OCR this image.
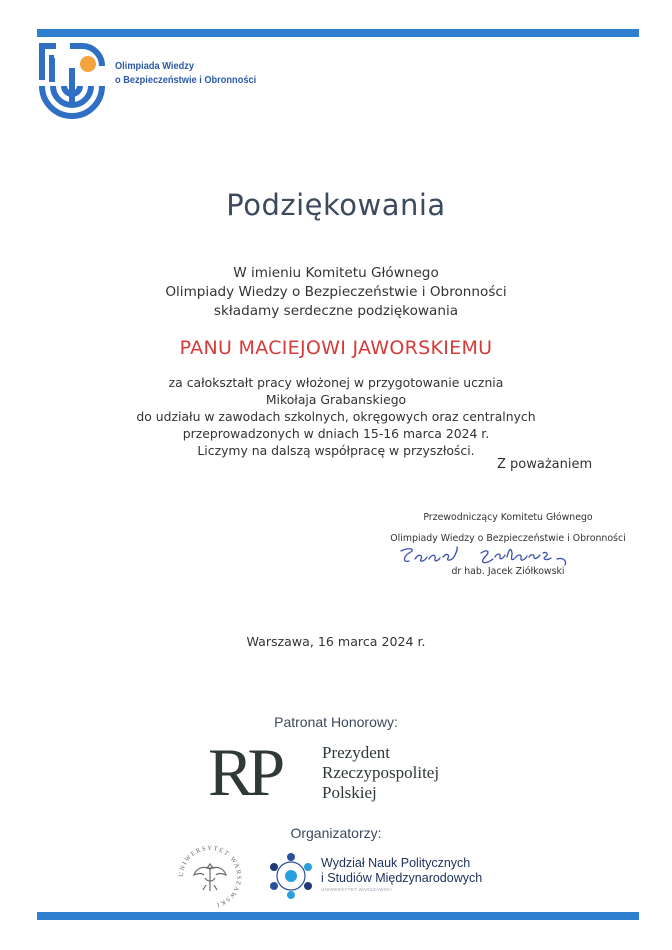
Olimpiada Wiedzy
o Bezpieczeństwie i Obronności
Podziękowania
W imieniu Komitetu Głównego
Olimpiady Wiedzy o Bezpieczeństwie i Obronności
składamy serdeczne podziękowania
PANU MACIEJOWI JAWORSKIEMU
za całokształt pracy włożonej w przygotowanie ucznia
Mikołaja Grabanskiego
do udziału w zawodach szkolnych, okręgowych oraz centralnych
przeprowadzonych w dniach 15-16 marca 2024 r.
Liczymy na dalszą współpracę w przyszłości.
Z poważaniem
Przewodniczący Komitetu Głównego
Olimpiady Wiedzy o Bezpieczeństwie i Obronności
dr hab. Jacek Ziółkowski
Warszawa, 16 marca 2024 r.
Patronat Honorowy:
RP	Prezydent
Rzeczypospolitej
Polskiej
Organizatorzy:
UNIWERSYTET WARSZAWSKI
Wydział Nauk Politycznych
i Studiów Międzynarodowych
UNIWERSYTET WARSZAWSKI
